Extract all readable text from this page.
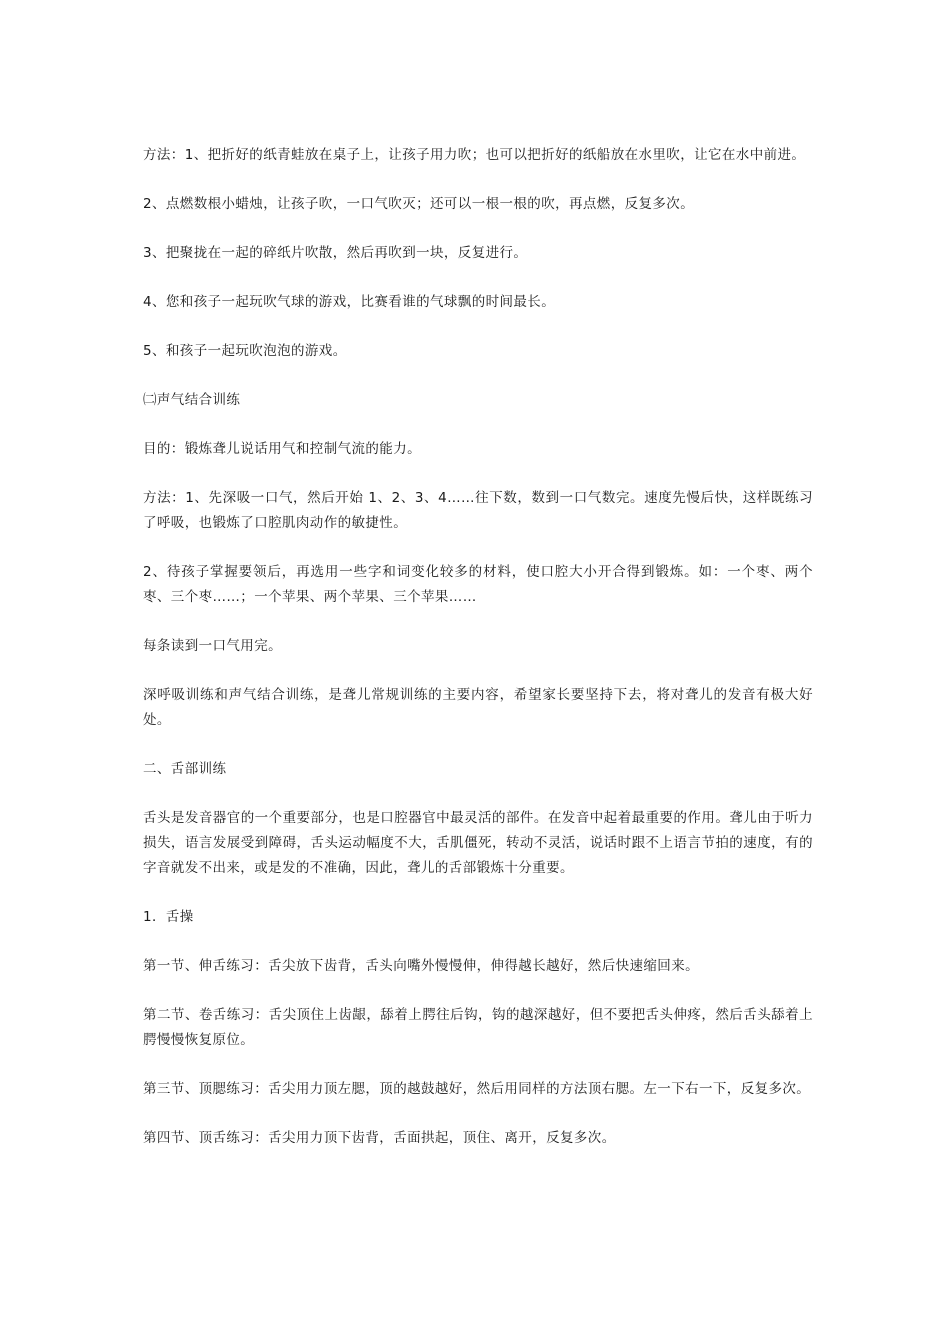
方法：1、把折好的纸青蛙放在桌子上，让孩子用力吹；也可以把折好的纸船放在水里吹，让它在水中前进。

2、点燃数根小蜡烛，让孩子吹，一口气吹灭；还可以一根一根的吹，再点燃，反复多次。

3、把聚拢在一起的碎纸片吹散，然后再吹到一块，反复进行。

4、您和孩子一起玩吹气球的游戏，比赛看谁的气球飘的时间最长。

5、和孩子一起玩吹泡泡的游戏。

㈡声气结合训练

目的：锻炼聋儿说话用气和控制气流的能力。

方法：1、先深吸一口气，然后开始 1、2、3、4……往下数，数到一口气数完。速度先慢后快，这样既练习了呼吸，也锻炼了口腔肌肉动作的敏捷性。

2、待孩子掌握要领后，再选用一些字和词变化较多的材料，使口腔大小开合得到锻炼。如：一个枣、两个枣、三个枣……；一个苹果、两个苹果、三个苹果……

每条读到一口气用完。

深呼吸训练和声气结合训练，是聋儿常规训练的主要内容，希望家长要坚持下去，将对聋儿的发音有极大好处。

二、舌部训练

舌头是发音器官的一个重要部分，也是口腔器官中最灵活的部件。在发音中起着最重要的作用。聋儿由于听力损失，语言发展受到障碍，舌头运动幅度不大，舌肌僵死，转动不灵活，说话时跟不上语言节拍的速度，有的字音就发不出来，或是发的不准确，因此，聋儿的舌部锻炼十分重要。

1．舌操

第一节、伸舌练习：舌尖放下齿背，舌头向嘴外慢慢伸，伸得越长越好，然后快速缩回来。

第二节、卷舌练习：舌尖顶住上齿龈，舔着上腭往后钩，钩的越深越好，但不要把舌头伸疼，然后舌头舔着上腭慢慢恢复原位。

第三节、顶腮练习：舌尖用力顶左腮，顶的越鼓越好，然后用同样的方法顶右腮。左一下右一下，反复多次。

第四节、顶舌练习：舌尖用力顶下齿背，舌面拱起，顶住、离开，反复多次。
